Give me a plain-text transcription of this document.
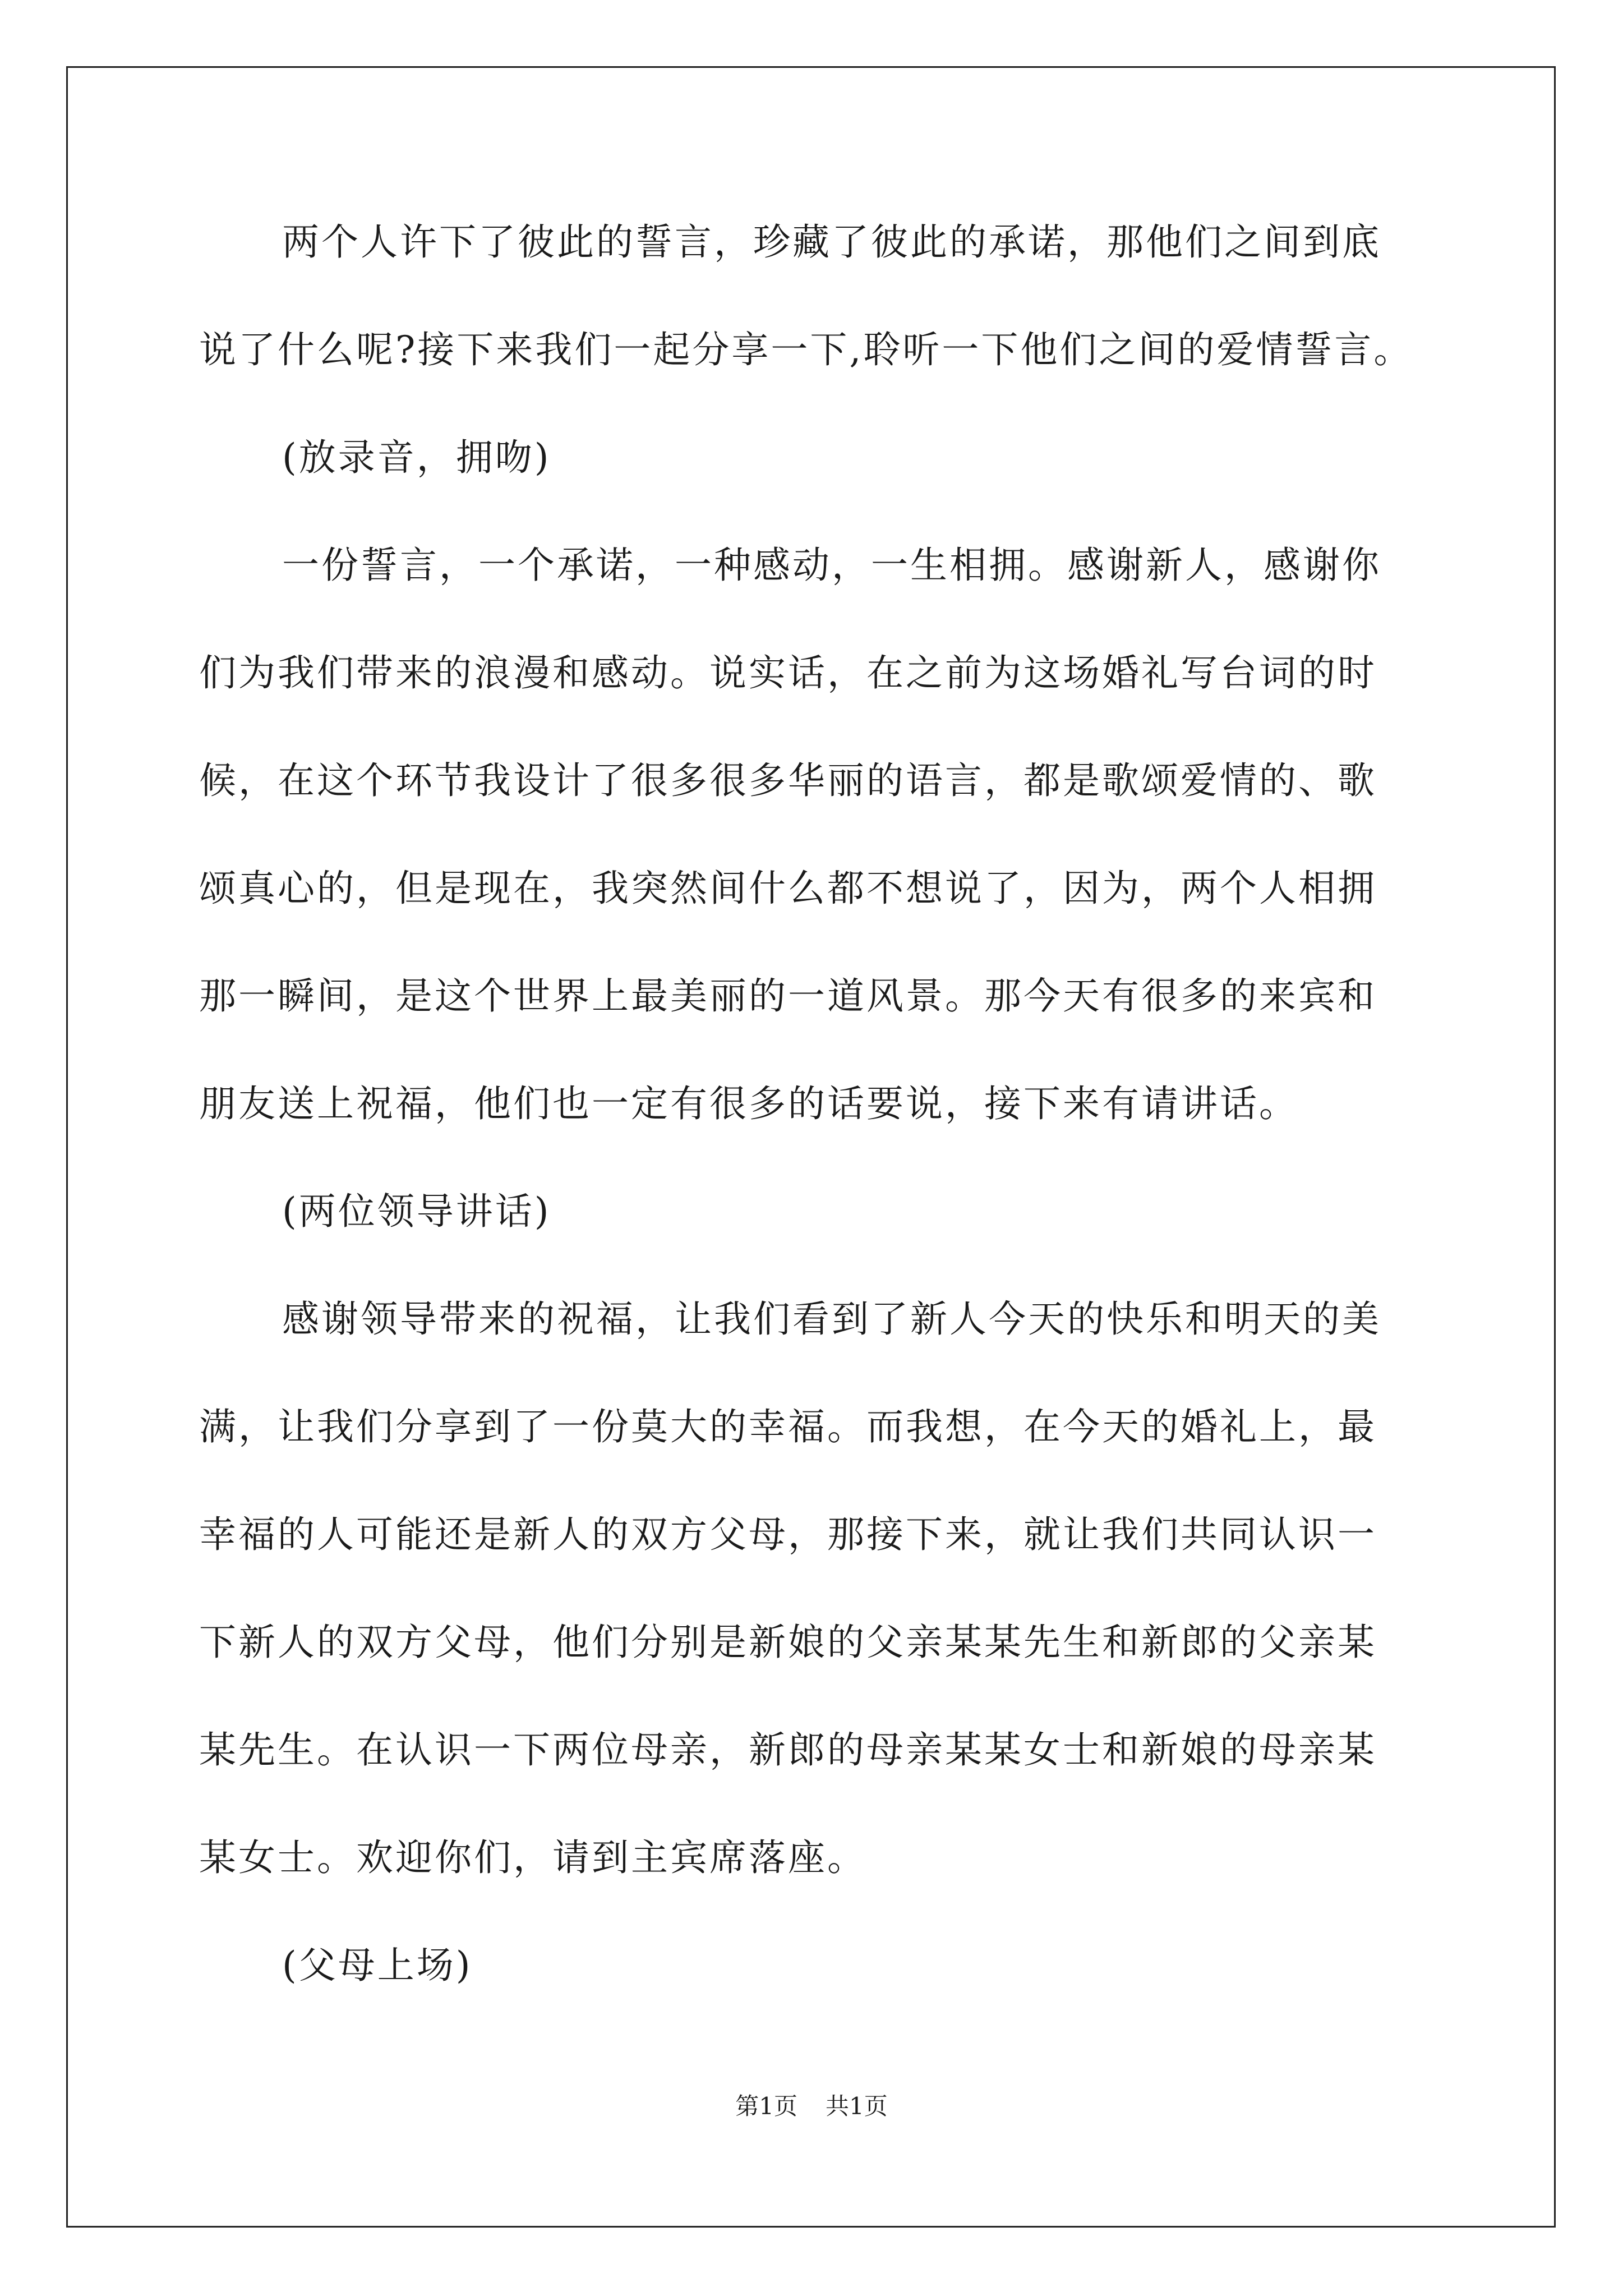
两个人许下了彼此的誓言，珍藏了彼此的承诺，那他们之间到底
说了什么呢?接下来我们一起分享一下,聆听一下他们之间的爱情誓言。
(放录音，拥吻)
一份誓言，一个承诺，一种感动，一生相拥。感谢新人，感谢你
们为我们带来的浪漫和感动。说实话，在之前为这场婚礼写台词的时
候，在这个环节我设计了很多很多华丽的语言，都是歌颂爱情的、歌
颂真心的，但是现在，我突然间什么都不想说了，因为，两个人相拥
那一瞬间，是这个世界上最美丽的一道风景。那今天有很多的来宾和
朋友送上祝福，他们也一定有很多的话要说，接下来有请讲话。
(两位领导讲话)
感谢领导带来的祝福，让我们看到了新人今天的快乐和明天的美
满，让我们分享到了一份莫大的幸福。而我想，在今天的婚礼上，最
幸福的人可能还是新人的双方父母，那接下来，就让我们共同认识一
下新人的双方父母，他们分别是新娘的父亲某某先生和新郎的父亲某
某先生。在认识一下两位母亲，新郎的母亲某某女士和新娘的母亲某
某女士。欢迎你们，请到主宾席落座。
(父母上场)
第1页 共1页
